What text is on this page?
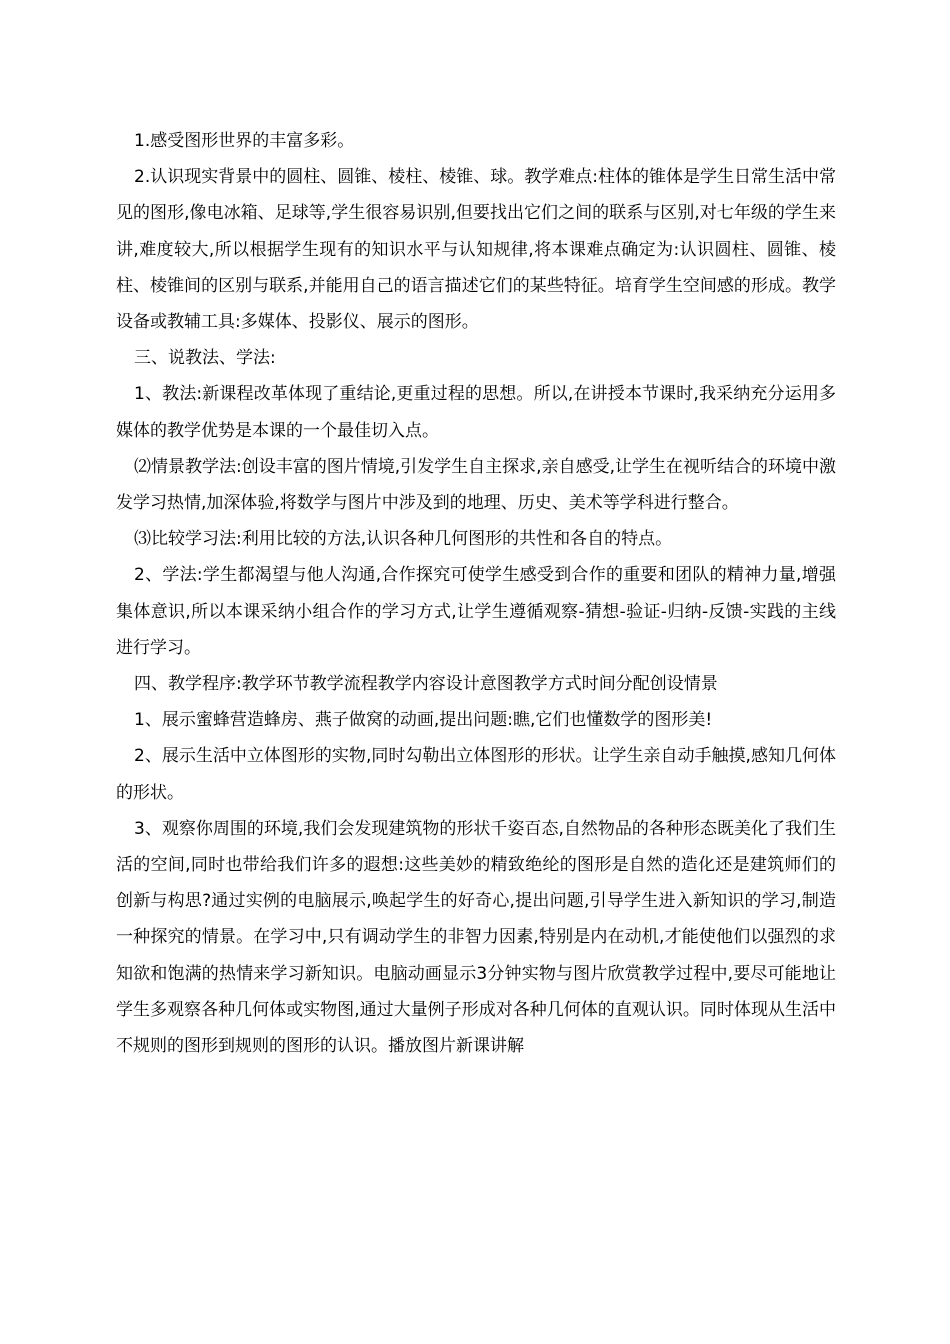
1.感受图形世界的丰富多彩。

2.认识现实背景中的圆柱、圆锥、棱柱、棱锥、球。教学难点:柱体的锥体是学生日常生活中常见的图形,像电冰箱、足球等,学生很容易识别,但要找出它们之间的联系与区别,对七年级的学生来讲,难度较大,所以根据学生现有的知识水平与认知规律,将本课难点确定为:认识圆柱、圆锥、棱柱、棱锥间的区别与联系,并能用自己的语言描述它们的某些特征。培育学生空间感的形成。教学设备或教辅工具:多媒体、投影仪、展示的图形。

三、说教法、学法:

1、教法:新课程改革体现了重结论,更重过程的思想。所以,在讲授本节课时,我采纳充分运用多媒体的教学优势是本课的一个最佳切入点。

⑵情景教学法:创设丰富的图片情境,引发学生自主探求,亲自感受,让学生在视听结合的环境中激发学习热情,加深体验,将数学与图片中涉及到的地理、历史、美术等学科进行整合。

⑶比较学习法:利用比较的方法,认识各种几何图形的共性和各自的特点。

2、学法:学生都渴望与他人沟通,合作探究可使学生感受到合作的重要和团队的精神力量,增强集体意识,所以本课采纳小组合作的学习方式,让学生遵循观察-猜想-验证-归纳-反馈-实践的主线进行学习。

四、教学程序:教学环节教学流程教学内容设计意图教学方式时间分配创设情景

1、展示蜜蜂营造蜂房、燕子做窝的动画,提出问题:瞧,它们也懂数学的图形美!

2、展示生活中立体图形的实物,同时勾勒出立体图形的形状。让学生亲自动手触摸,感知几何体的形状。

3、观察你周围的环境,我们会发现建筑物的形状千姿百态,自然物品的各种形态既美化了我们生活的空间,同时也带给我们许多的遐想:这些美妙的精致绝纶的图形是自然的造化还是建筑师们的创新与构思?通过实例的电脑展示,唤起学生的好奇心,提出问题,引导学生进入新知识的学习,制造一种探究的情景。在学习中,只有调动学生的非智力因素,特别是内在动机,才能使他们以强烈的求知欲和饱满的热情来学习新知识。电脑动画显示3分钟实物与图片欣赏教学过程中,要尽可能地让学生多观察各种几何体或实物图,通过大量例子形成对各种几何体的直观认识。同时体现从生活中不规则的图形到规则的图形的认识。播放图片新课讲解
